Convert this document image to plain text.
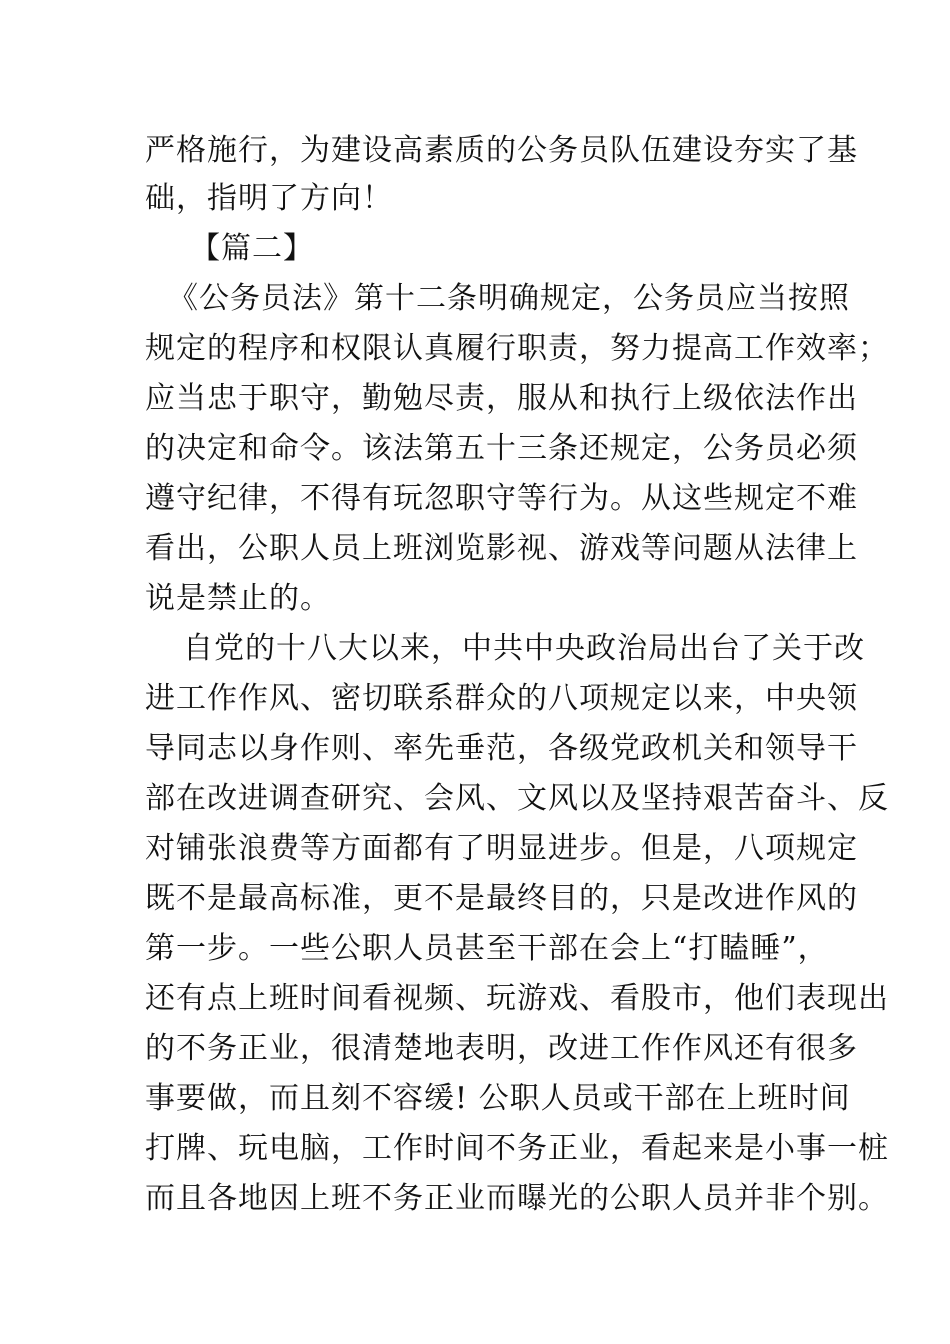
严格施行，为建设高素质的公务员队伍建设夯实了基
础，指明了方向！
【篇二】
《公务员法》第十二条明确规定，公务员应当按照
规定的程序和权限认真履行职责，努力提高工作效率；
应当忠于职守，勤勉尽责，服从和执行上级依法作出
的决定和命令。该法第五十三条还规定，公务员必须
遵守纪律，不得有玩忽职守等行为。从这些规定不难
看出，公职人员上班浏览影视、游戏等问题从法律上
说是禁止的。
自党的十八大以来，中共中央政治局出台了关于改
进工作作风、密切联系群众的八项规定以来，中央领
导同志以身作则、率先垂范，各级党政机关和领导干
部在改进调查研究、会风、文风以及坚持艰苦奋斗、反
对铺张浪费等方面都有了明显进步。但是，八项规定
既不是最高标准，更不是最终目的，只是改进作风的
第一步。一些公职人员甚至干部在会上“打瞌睡”，
还有点上班时间看视频、玩游戏、看股市，他们表现出
的不务正业，很清楚地表明，改进工作作风还有很多
事要做，而且刻不容缓! 公职人员或干部在上班时间
打牌、玩电脑，工作时间不务正业，看起来是小事一桩
而且各地因上班不务正业而曝光的公职人员并非个别。
